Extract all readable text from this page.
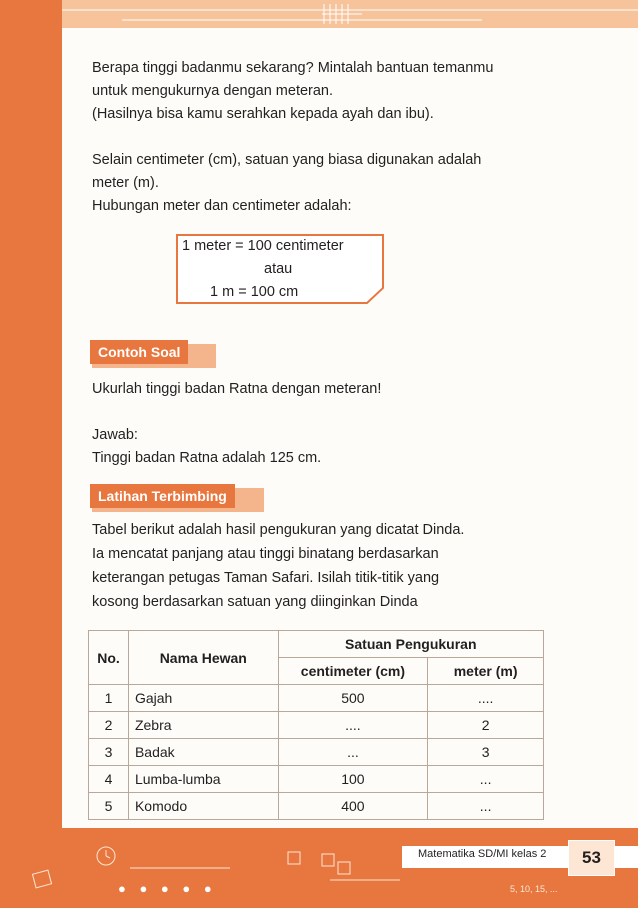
Berapa tinggi badanmu sekarang? Mintalah bantuan temanmu

untuk mengukurnya dengan meteran.

(Hasilnya bisa kamu serahkan kepada ayah dan ibu).

Selain centimeter (cm), satuan yang biasa digunakan adalah

meter (m).

Hubungan meter dan centimeter adalah:

1 meter = 100 centimeter
atau
1 m = 100 cm
Contoh Soal

Ukurlah tinggi badan Ratna dengan meteran!

Jawab:

Tinggi badan Ratna adalah 125 cm.

Latihan Terbimbing

Tabel berikut adalah hasil pengukuran yang dicatat Dinda.

Ia mencatat panjang atau tinggi binatang berdasarkan

keterangan petugas Taman Safari. Isilah titik-titik yang

kosong berdasarkan satuan yang diinginkan Dinda

No.	Nama Hewan	Satuan Pengukuran	
		centimeter (cm)	meter (m)
1	Gajah	500	....
2	Zebra	....	2
3	Badak	...	3
4	Lumba-lumba	100	...
5	Komodo	400	...
Matematika SD/MI kelas 2	53
● ● ● ● ●	5, 10, 15, ...
